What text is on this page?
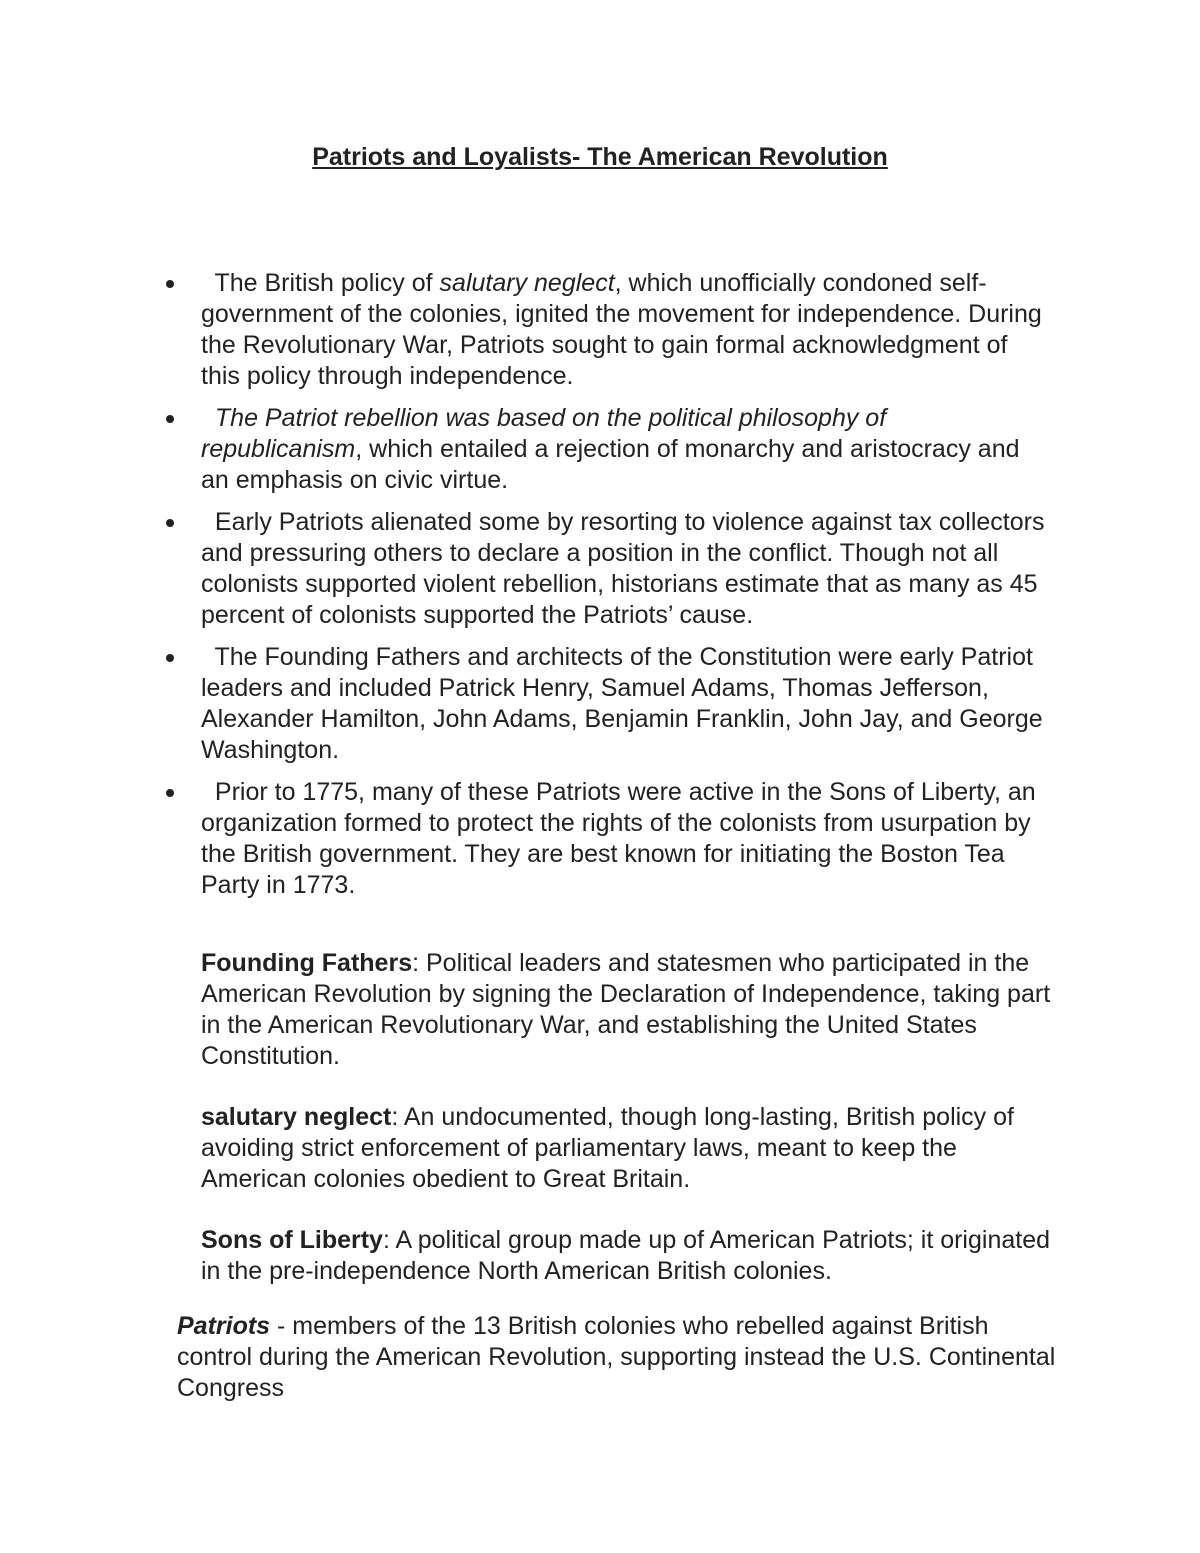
Patriots and Loyalists- The American Revolution
The British policy of salutary neglect, which unofficially condoned self-government of the colonies, ignited the movement for independence. During the Revolutionary War, Patriots sought to gain formal acknowledgment of this policy through independence.
The Patriot rebellion was based on the political philosophy of republicanism, which entailed a rejection of monarchy and aristocracy and an emphasis on civic virtue.
Early Patriots alienated some by resorting to violence against tax collectors and pressuring others to declare a position in the conflict. Though not all colonists supported violent rebellion, historians estimate that as many as 45 percent of colonists supported the Patriots’ cause.
The Founding Fathers and architects of the Constitution were early Patriot leaders and included Patrick Henry, Samuel Adams, Thomas Jefferson, Alexander Hamilton, John Adams, Benjamin Franklin, John Jay, and George Washington.
Prior to 1775, many of these Patriots were active in the Sons of Liberty, an organization formed to protect the rights of the colonists from usurpation by the British government. They are best known for initiating the Boston Tea Party in 1773.

Founding Fathers: Political leaders and statesmen who participated in the American Revolution by signing the Declaration of Independence, taking part in the American Revolutionary War, and establishing the United States Constitution.

salutary neglect: An undocumented, though long-lasting, British policy of avoiding strict enforcement of parliamentary laws, meant to keep the American colonies obedient to Great Britain.

Sons of Liberty: A political group made up of American Patriots; it originated in the pre-independence North American British colonies.

Patriots - members of the 13 British colonies who rebelled against British control during the American Revolution, supporting instead the U.S. Continental Congress
